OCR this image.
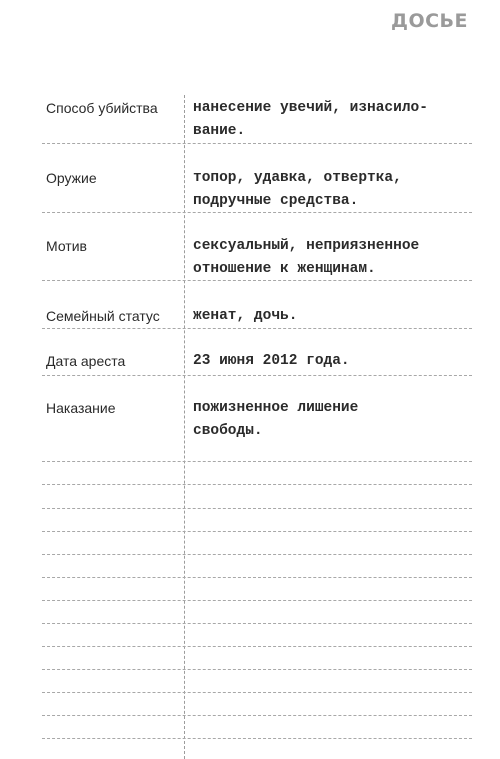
ДОСЬЕ
Способ убийства	нанесение увечий, изнасило-
вание.
Оружие	топор, удавка, отвертка,
подручные средства.
Мотив	сексуальный, неприязненное
отношение к женщинам.
Семейный статус	женат, дочь.
Дата ареста	23 июня 2012 года.
Наказание	пожизненное лишение
свободы.
